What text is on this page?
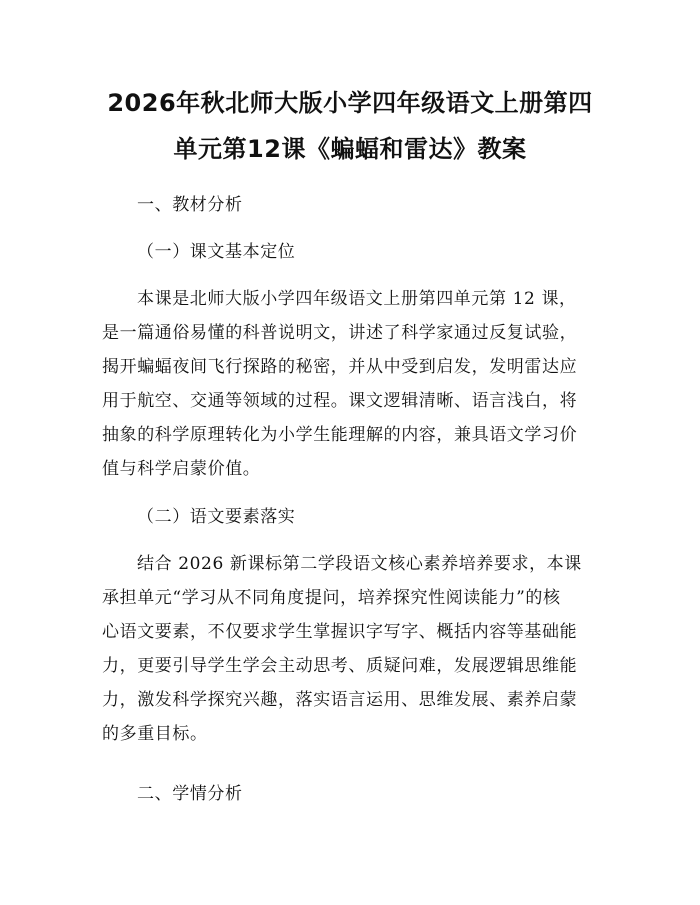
2026年秋北师大版小学四年级语文上册第四
单元第12课《蝙蝠和雷达》教案
一、教材分析
（一）课文基本定位
本课是北师大版小学四年级语文上册第四单元第 12 课，
是一篇通俗易懂的科普说明文，讲述了科学家通过反复试验，
揭开蝙蝠夜间飞行探路的秘密，并从中受到启发，发明雷达应
用于航空、交通等领域的过程。课文逻辑清晰、语言浅白，将
抽象的科学原理转化为小学生能理解的内容，兼具语文学习价
值与科学启蒙价值。
（二）语文要素落实
结合 2026 新课标第二学段语文核心素养培养要求，本课
承担单元“学习从不同角度提问，培养探究性阅读能力”的核
心语文要素，不仅要求学生掌握识字写字、概括内容等基础能
力，更要引导学生学会主动思考、质疑问难，发展逻辑思维能
力，激发科学探究兴趣，落实语言运用、思维发展、素养启蒙
的多重目标。
二、学情分析
